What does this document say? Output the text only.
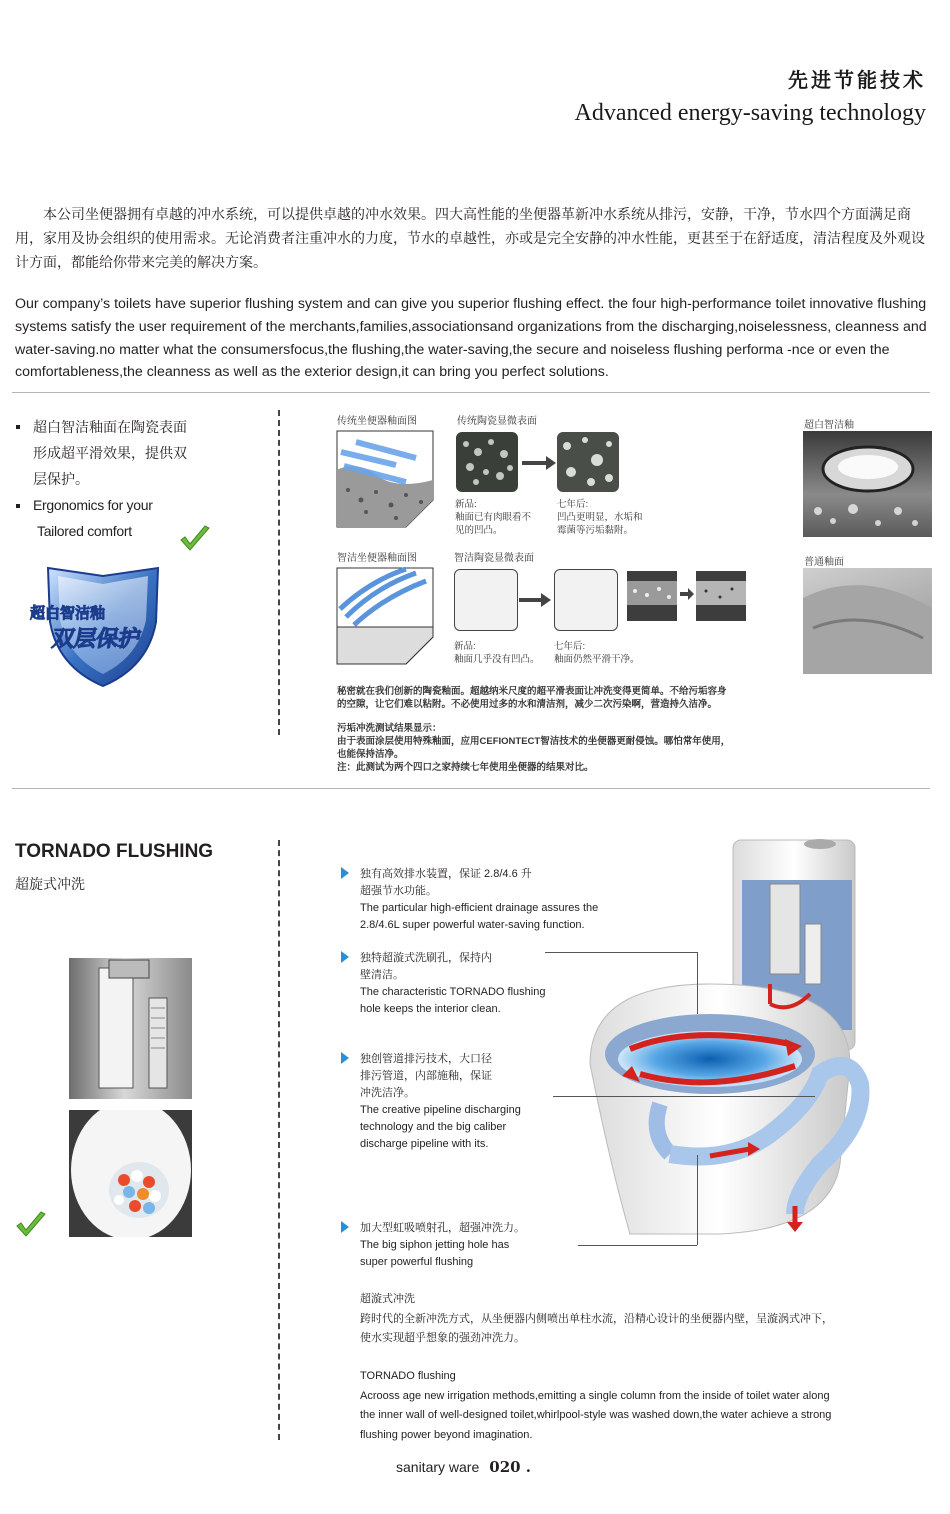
先进节能技术
Advanced energy-saving technology
本公司坐便器拥有卓越的冲水系统，可以提供卓越的冲水效果。四大高性能的坐便器革新冲水系统从排污，安静，干净，节水四个方面满足商用，家用及协会组织的使用需求。无论消费者注重冲水的力度，节水的卓越性，亦或是完全安静的冲水性能，更甚至于在舒适度，清洁程度及外观设计方面，都能给你带来完美的解决方案。
Our company’s toilets have superior flushing system and can give you superior flushing effect. the four high-performance toilet innovative flushing systems satisfy the user requirement of the merchants,families,associationsand organizations from the discharging,noiselessness, cleanness and water-saving.no matter what the consumersfocus,the flushing,the water-saving,the secure and noiseless flushing performa -nce or even the comfortableness,the cleanness as well as the exterior design,it can bring you perfect solutions.
超白智洁釉面在陶瓷表面
形成超平滑效果，提供双
层保护。
Ergonomics for your
Tailored comfort
超白智洁釉
双层保护
传统坐便器釉面图	传统陶瓷显微表面
新品:
釉面已有肉眼看不
见的凹凸。
七年后:
凹凸更明显，水垢和
霉菌等污垢黏附。
智洁坐便器釉面图	智洁陶瓷显微表面
新品:
釉面几乎没有凹凸。
七年后:
釉面仍然平滑干净。
超白智洁釉
普通釉面
秘密就在我们创新的陶瓷釉面。超越纳米尺度的超平滑表面让冲洗变得更简单。不给污垢容身
的空隙，让它们难以粘附。不必使用过多的水和清洁剂，减少二次污染啊，营造持久洁净。
污垢冲洗测试结果显示：
由于表面涂层使用特殊釉面，应用CEFIONTECT智洁技术的坐便器更耐侵蚀。哪怕常年使用，
也能保持洁净。
注：此测试为两个四口之家持续七年使用坐便器的结果对比。
TORNADO FLUSHING
超旋式冲洗
独有高效排水装置，保证 2.8/4.6 升
超强节水功能。
The particular high-efficient drainage assures the
2.8/4.6L super powerful water-saving function.
独特超漩式洗刷孔，保持内
壁清洁。
The characteristic TORNADO flushing
hole keeps the interior clean.
独创管道排污技术，大口径
排污管道，内部施釉，保证
冲洗洁净。
The creative pipeline discharging
technology and the big caliber
discharge pipeline with its.
加大型虹吸喷射孔，超强冲洗力。
The big siphon jetting hole has
super powerful flushing
超漩式冲洗
跨时代的全新冲洗方式，从坐便器内侧喷出单柱水流，沿精心设计的坐便器内壁，呈漩涡式冲下，
使水实现超乎想象的强劲冲洗力。
TORNADO flushing
Acrooss age new irrigation methods,emitting a single column from the inside of toilet water along
the inner wall of well-designed toilet,whirlpool-style was washed down,the water achieve a strong
flushing power beyond imagination.
sanitary ware 020 .
